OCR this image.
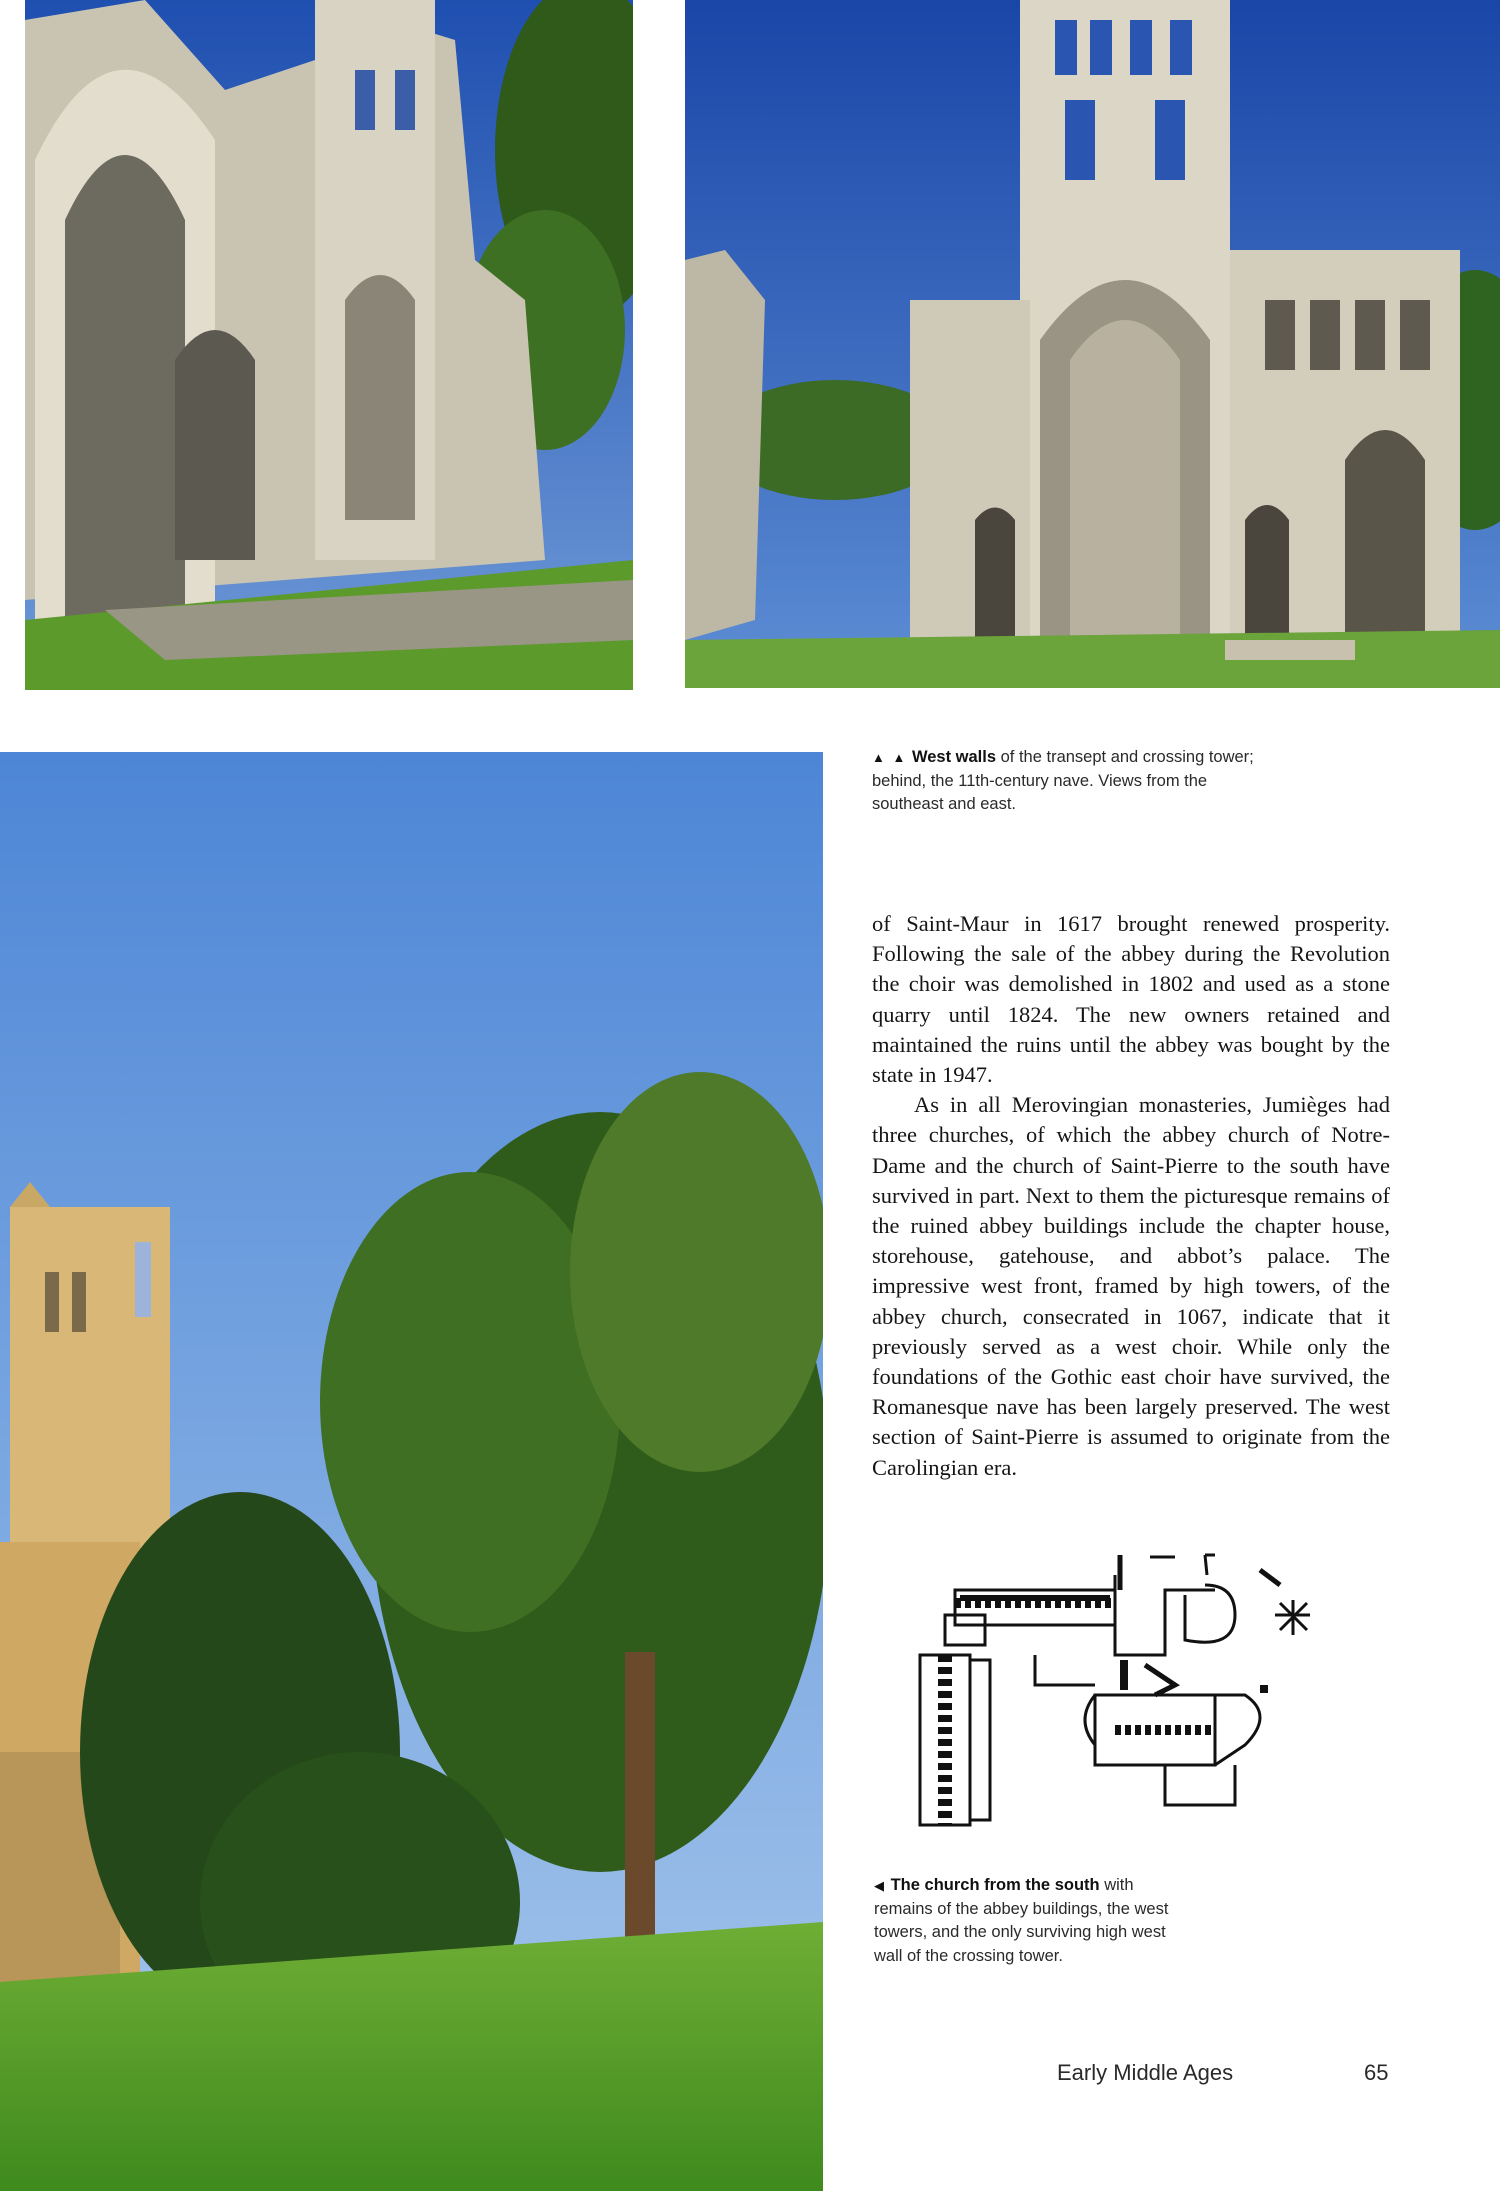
▲ ▲ West walls of the transept and crossing tower; behind, the 11th-century nave. Views from the southeast and east.

of Saint-Maur in 1617 brought renewed prosperity. Following the sale of the abbey during the Revolution the choir was demolished in 1802 and used as a stone quarry until 1824. The new owners retained and maintained the ruins until the abbey was bought by the state in 1947.

As in all Merovingian monasteries, Jumièges had three churches, of which the abbey church of Notre-Dame and the church of Saint-Pierre to the south have survived in part. Next to them the picturesque remains of the ruined abbey buildings include the chapter house, storehouse, gatehouse, and abbot’s palace. The impressive west front, framed by high towers, of the abbey church, consecrated in 1067, indicate that it previously served as a west choir. While only the foundations of the Gothic east choir have survived, the Romanesque nave has been largely preserved. The west section of Saint-Pierre is assumed to originate from the Carolingian era.

◀ The church from the south with remains of the abbey buildings, the west towers, and the only surviving high west wall of the crossing tower.
Early Middle Ages	65
